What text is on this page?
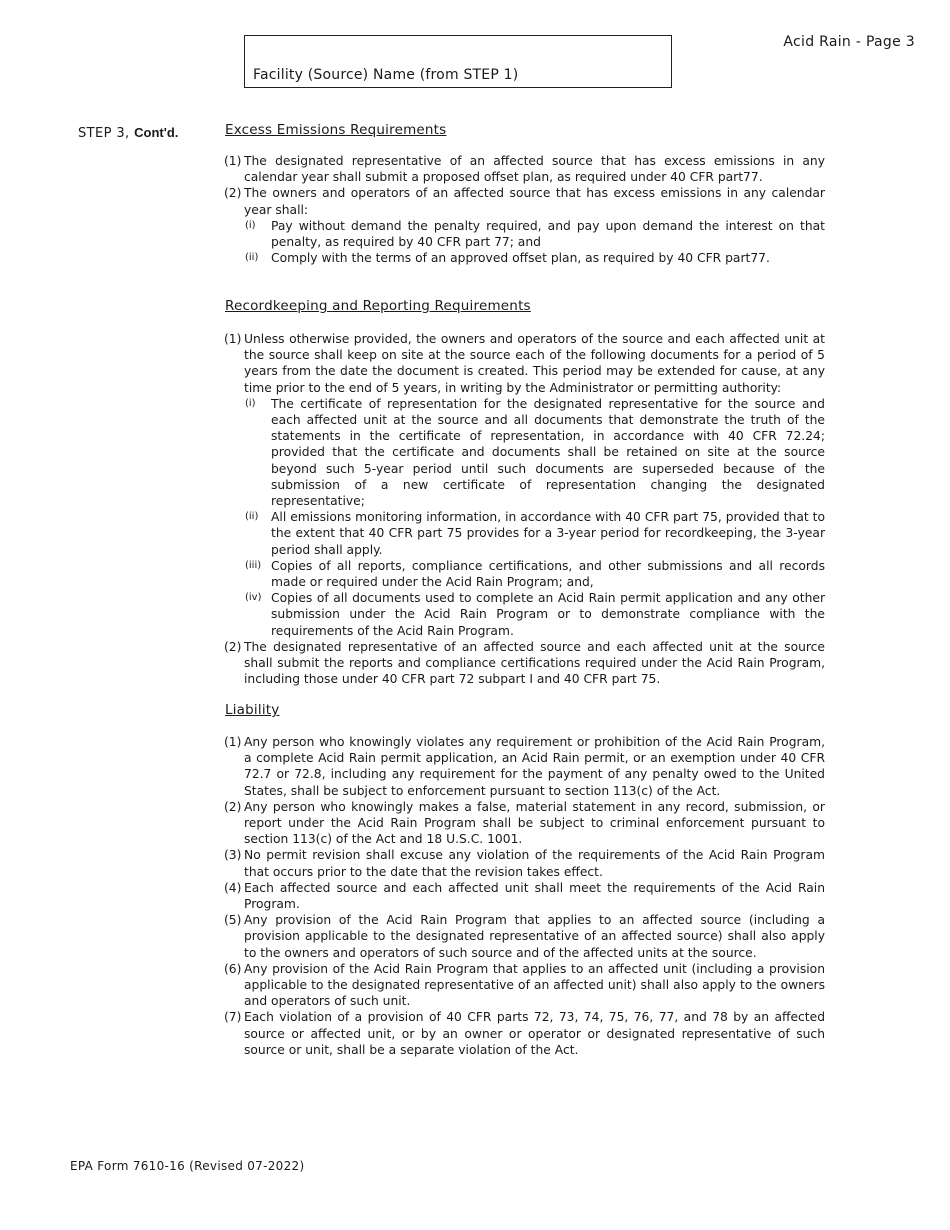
Facility (Source) Name (from STEP 1)
Acid Rain - Page 3
STEP 3, Cont'd.	Excess Emissions Requirements
(1) The designated representative of an affected source that has excess emissions in any calendar year shall submit a proposed offset plan, as required under 40 CFR part77.
(2) The owners and operators of an affected source that has excess emissions in any calendar year shall:
(i)	Pay without demand the penalty required, and pay upon demand the interest on that penalty, as required by 40 CFR part 77; and
(ii)	Comply with the terms of an approved offset plan, as required by 40 CFR part77.
Recordkeeping and Reporting Requirements
(1) Unless otherwise provided, the owners and operators of the source and each affected unit at the source shall keep on site at the source each of the following documents for a period of 5 years from the date the document is created. This period may be extended for cause, at any time prior to the end of 5 years, in writing by the Administrator or permitting authority:
(i)	The certificate of representation for the designated representative for the source and each affected unit at the source and all documents that demonstrate the truth of the statements in the certificate of representation, in accordance with 40 CFR 72.24; provided that the certificate and documents shall be retained on site at the source beyond such 5-year period until such documents are superseded because of the submission of a new certificate of representation changing the designated representative;
(ii)	All emissions monitoring information, in accordance with 40 CFR part 75, provided that to the extent that 40 CFR part 75 provides for a 3-year period for recordkeeping, the 3-year period shall apply.
(iii) Copies of all reports, compliance certifications, and other submissions and all records made or required under the Acid Rain Program; and,
(iv) Copies of all documents used to complete an Acid Rain permit application and any other submission under the Acid Rain Program or to demonstrate compliance with the requirements of the Acid Rain Program.
(2) The designated representative of an affected source and each affected unit at the source shall submit the reports and compliance certifications required under the Acid Rain Program, including those under 40 CFR part 72 subpart I and 40 CFR part 75.
Liability
(1) Any person who knowingly violates any requirement or prohibition of the Acid Rain Program, a complete Acid Rain permit application, an Acid Rain permit, or an exemption under 40 CFR 72.7 or 72.8, including any requirement for the payment of any penalty owed to the United States, shall be subject to enforcement pursuant to section 113(c) of the Act.
(2) Any person who knowingly makes a false, material statement in any record, submission, or report under the Acid Rain Program shall be subject to criminal enforcement pursuant to section 113(c) of the Act and 18 U.S.C. 1001.
(3) No permit revision shall excuse any violation of the requirements of the Acid Rain Program that occurs prior to the date that the revision takes effect.
(4) Each affected source and each affected unit shall meet the requirements of the Acid Rain Program.
(5) Any provision of the Acid Rain Program that applies to an affected source (including a provision applicable to the designated representative of an affected source) shall also apply to the owners and operators of such source and of the affected units at the source.
(6) Any provision of the Acid Rain Program that applies to an affected unit (including a provision applicable to the designated representative of an affected unit) shall also apply to the owners and operators of such unit.
(7) Each violation of a provision of 40 CFR parts 72, 73, 74, 75, 76, 77, and 78 by an affected source or affected unit, or by an owner or operator or designated representative of such source or unit, shall be a separate violation of the Act.
EPA Form 7610-16 (Revised 07-2022)
